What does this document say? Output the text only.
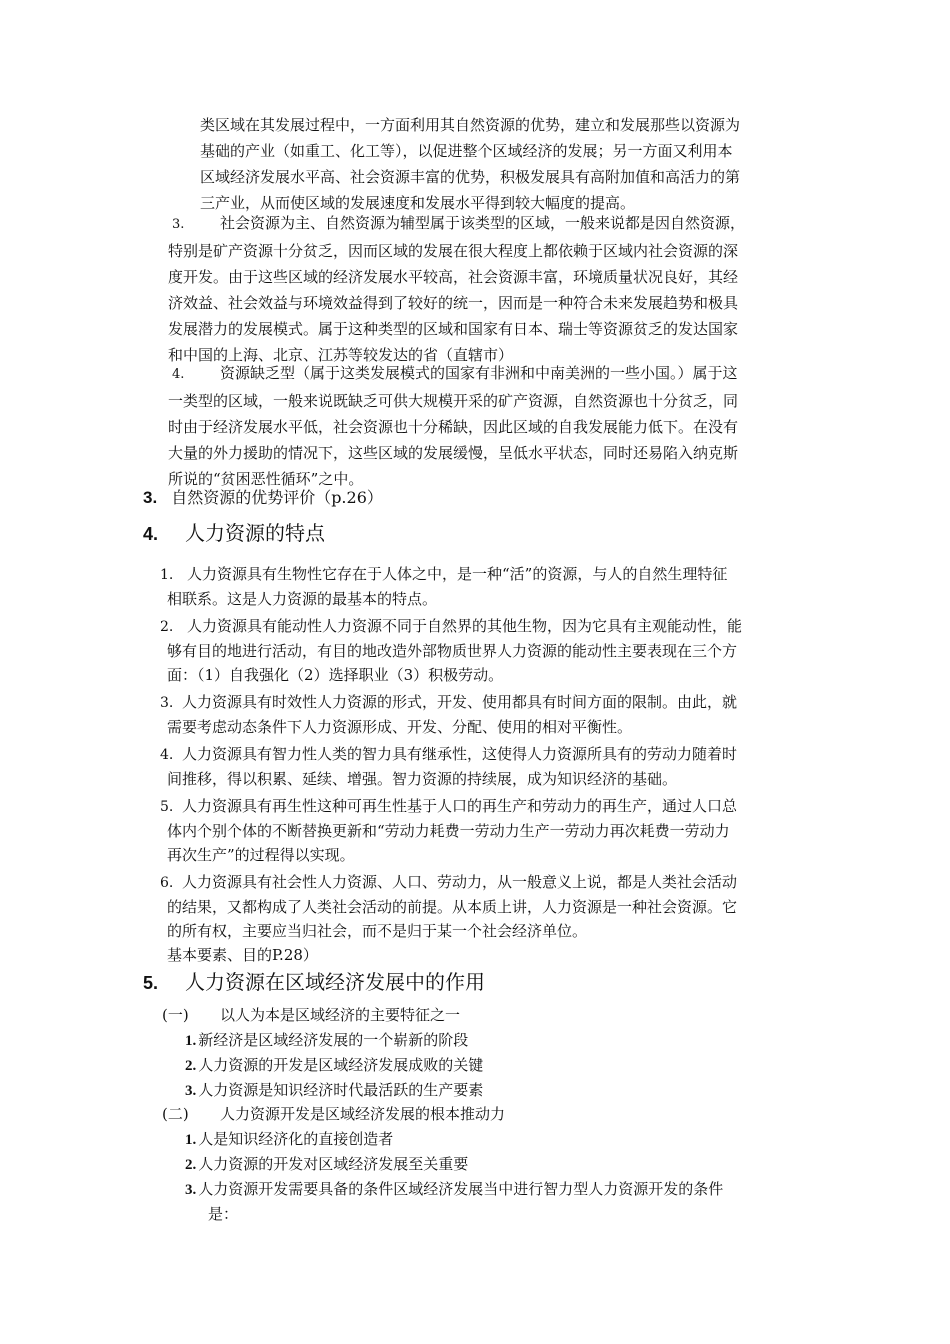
类区域在其发展过程中，一方面利用其自然资源的优势，建立和发展那些以资源为
基础的产业（如重工、化工等），以促进整个区域经济的发展；另一方面又利用本
区域经济发展水平高、社会资源丰富的优势，积极发展具有高附加值和高活力的第
三产业，从而使区域的发展速度和发展水平得到较大幅度的提高。
3. 社会资源为主、自然资源为辅型属于该类型的区域，一般来说都是因自然资源，
特别是矿产资源十分贫乏，因而区域的发展在很大程度上都依赖于区域内社会资源的深
度开发。由于这些区域的经济发展水平较高，社会资源丰富，环境质量状况良好，其经
济效益、社会效益与环境效益得到了较好的统一，因而是一种符合未来发展趋势和极具
发展潜力的发展模式。属于这种类型的区域和国家有日本、瑞士等资源贫乏的发达国家
和中国的上海、北京、江苏等较发达的省（直辖市）
4. 资源缺乏型（属于这类发展模式的国家有非洲和中南美洲的一些小国。）属于这
一类型的区域，一般来说既缺乏可供大规模开采的矿产资源，自然资源也十分贫乏，同
时由于经济发展水平低，社会资源也十分稀缺，因此区域的自我发展能力低下。在没有
大量的外力援助的情况下，这些区域的发展缓慢，呈低水平状态，同时还易陷入纳克斯
所说的“贫困恶性循环”之中。
3. 自然资源的优势评价（p.26）
4. 人力资源的特点
1. 人力资源具有生物性它存在于人体之中，是一种“活”的资源，与人的自然生理特征
相联系。这是人力资源的最基本的特点。
2. 人力资源具有能动性人力资源不同于自然界的其他生物，因为它具有主观能动性，能
够有目的地进行活动，有目的地改造外部物质世界人力资源的能动性主要表现在三个方
面：（1）自我强化（2）选择职业（3）积极劳动。
3. 人力资源具有时效性人力资源的形式，开发、使用都具有时间方面的限制。由此，就
需要考虑动态条件下人力资源形成、开发、分配、使用的相对平衡性。
4. 人力资源具有智力性人类的智力具有继承性，这使得人力资源所具有的劳动力随着时
间推移，得以积累、延续、增强。智力资源的持续展，成为知识经济的基础。
5. 人力资源具有再生性这种可再生性基于人口的再生产和劳动力的再生产，通过人口总
体内个别个体的不断替换更新和“劳动力耗费一劳动力生产一劳动力再次耗费一劳动力
再次生产”的过程得以实现。
6. 人力资源具有社会性人力资源、人口、劳动力，从一般意义上说，都是人类社会活动
的结果，又都构成了人类社会活动的前提。从本质上讲，人力资源是一种社会资源。它
的所有权，主要应当归社会，而不是归于某一个社会经济单位。
基本要素、目的P.28）
5. 人力资源在区域经济发展中的作用
(一) 以人为本是区域经济的主要特征之一
1. 新经济是区域经济发展的一个崭新的阶段
2. 人力资源的开发是区域经济发展成败的关键
3. 人力资源是知识经济时代最活跃的生产要素
(二) 人力资源开发是区域经济发展的根本推动力
1. 人是知识经济化的直接创造者
2. 人力资源的开发对区域经济发展至关重要
3. 人力资源开发需要具备的条件区域经济发展当中进行智力型人力资源开发的条件
是：
